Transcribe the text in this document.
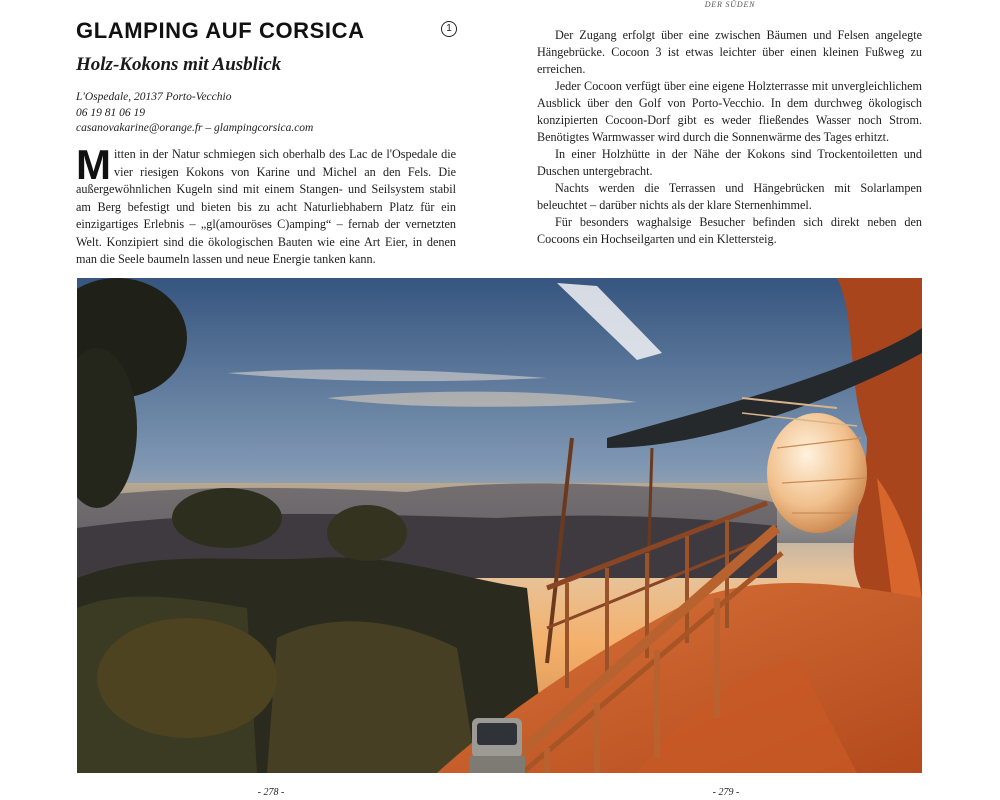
DER SÜDEN
GLAMPING AUF CORSICA	1
Holz-Kokons mit Ausblick
L'Ospedale, 20137 Porto-Vecchio
06 19 81 06 19
casanovakarine@orange.fr – glampingcorsica.com
M itten in der Natur schmiegen sich oberhalb des Lac de l'Ospedale die vier riesigen Kokons von Karine und Michel an den Fels. Die außergewöhnlichen Kugeln sind mit einem Stangen- und Seilsystem stabil am Berg befestigt und bieten bis zu acht Naturliebhabern Platz für ein einzigartiges Erlebnis – „gl(amouröses C)amping“ – fernab der vernetzten Welt. Konzipiert sind die ökologischen Bauten wie eine Art Eier, in denen man die Seele baumeln lassen und neue Energie tanken kann.

Der Zugang erfolgt über eine zwischen Bäumen und Felsen angelegte Hängebrücke. Cocoon 3 ist etwas leichter über einen kleinen Fußweg zu erreichen.

Jeder Cocoon verfügt über eine eigene Holzterrasse mit unvergleichlichem Ausblick über den Golf von Porto-Vecchio. In dem durchweg ökologisch konzipierten Cocoon-Dorf gibt es weder fließendes Wasser noch Strom. Benötigtes Warmwasser wird durch die Sonnenwärme des Tages erhitzt.

In einer Holzhütte in der Nähe der Kokons sind Trockentoiletten und Duschen untergebracht.

Nachts werden die Terrassen und Hängebrücken mit Solarlampen beleuchtet – darüber nichts als der klare Sternenhimmel.

Für besonders waghalsige Besucher befinden sich direkt neben den Cocoons ein Hochseilgarten und ein Klettersteig.

- 278 -	- 279 -
